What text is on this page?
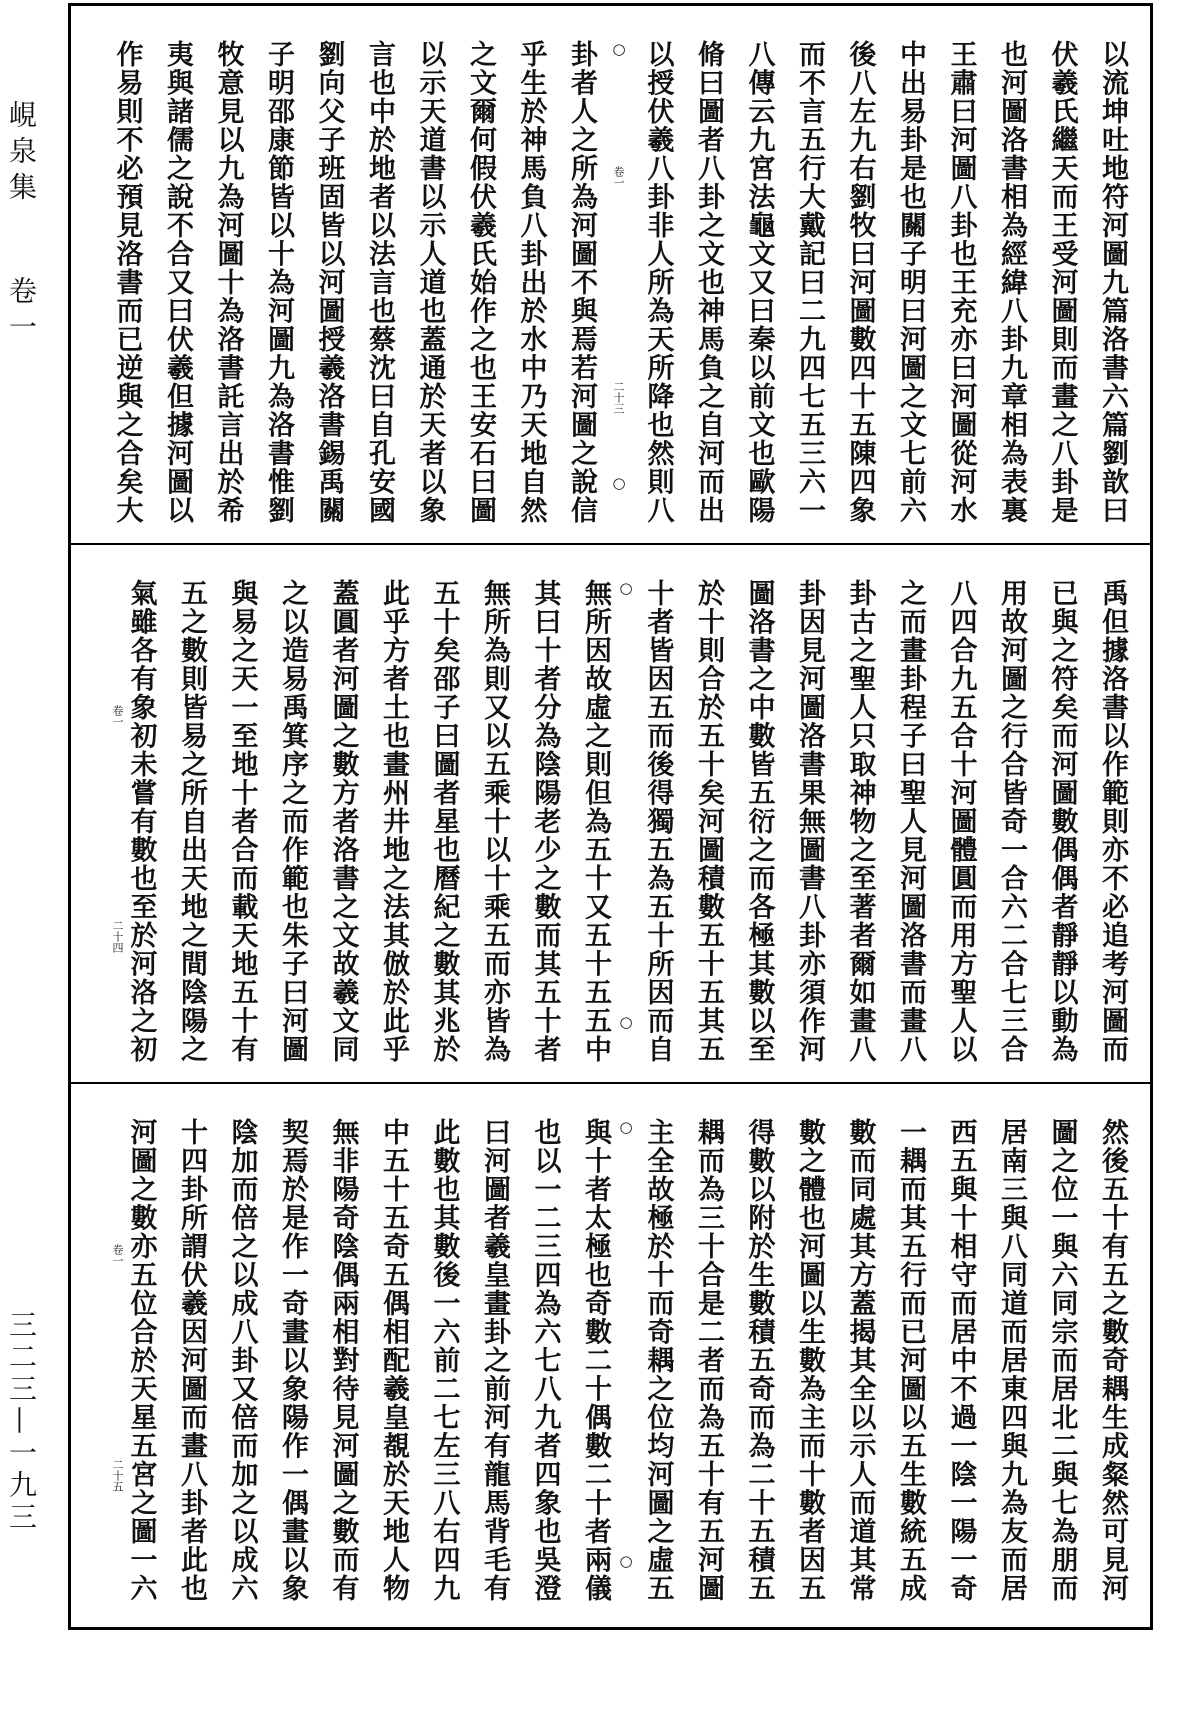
峴泉集
卷一
三二三—一九三
以流坤吐地符河圖九篇洛書六篇劉歆曰
伏羲氏繼天而王受河圖則而畫之八卦是
也河圖洛書相為經緯八卦九章相為表裏
王肅曰河圖八卦也王充亦曰河圖從河水
中出易卦是也關子明曰河圖之文七前六
後八左九右劉牧曰河圖數四十五陳四象
而不言五行大戴記曰二九四七五三六一
八傳云九宮法龜文又曰秦以前文也歐陽
脩曰圖者八卦之文也神馬負之自河而出
以授伏羲八卦非人所為天所降也然則八
○
○
卦者人之所為河圖不與焉若河圖之說信
乎生於神馬負八卦出於水中乃天地自然
之文爾何假伏羲氏始作之也王安石曰圖
以示天道書以示人道也蓋通於天者以象
言也中於地者以法言也蔡沈曰自孔安國
劉向父子班固皆以河圖授羲洛書錫禹關
子明邵康節皆以十為河圖九為洛書惟劉
牧意見以九為河圖十為洛書託言出於希
夷與諸儒之說不合又曰伏羲但據河圖以
作易則不必預見洛書而已逆與之合矣大	卷一
二十三
禹但據洛書以作範則亦不必追考河圖而
已與之符矣而河圖數偶偶者靜靜以動為
用故河圖之行合皆奇一合六二合七三合
八四合九五合十河圖體圓而用方聖人以
之而畫卦程子曰聖人見河圖洛書而畫八
卦古之聖人只取神物之至著者爾如畫八
卦因見河圖洛書果無圖書八卦亦須作河
圖洛書之中數皆五衍之而各極其數以至
於十則合於五十矣河圖積數五十五其五
十者皆因五而後得獨五為五十所因而自
○
○
無所因故虛之則但為五十又五十五五中
其曰十者分為陰陽老少之數而其五十者
無所為則又以五乘十以十乘五而亦皆為
五十矣邵子曰圖者星也曆紀之數其兆於
此乎方者土也畫州井地之法其倣於此乎
蓋圓者河圖之數方者洛書之文故羲文同
之以造易禹箕序之而作範也朱子曰河圖
與易之天一至地十者合而載天地五十有
五之數則皆易之所自出天地之間陰陽之
氣雖各有象初未嘗有數也至於河洛之初
卷一
二十四
然後五十有五之數奇耦生成粲然可見河
圖之位一與六同宗而居北二與七為朋而
居南三與八同道而居東四與九為友而居
西五與十相守而居中不過一陰一陽一奇
一耦而其五行而已河圖以五生數統五成
數而同處其方蓋揭其全以示人而道其常
數之體也河圖以生數為主而十數者因五
得數以附於生數積五奇而為二十五積五
耦而為三十合是二者而為五十有五河圖
主全故極於十而奇耦之位均河圖之虛五
○
○
與十者太極也奇數二十偶數二十者兩儀
也以一二三四為六七八九者四象也吳澄
曰河圖者羲皇畫卦之前河有龍馬背毛有
此數也其數後一六前二七左三八右四九
中五十五奇五偶相配羲皇覩於天地人物
無非陽奇陰偶兩相對待見河圖之數而有
契焉於是作一奇畫以象陽作一偶畫以象
陰加而倍之以成八卦又倍而加之以成六
十四卦所謂伏羲因河圖而畫八卦者此也
河圖之數亦五位合於天星五宮之圖一六
卷一
二十五
